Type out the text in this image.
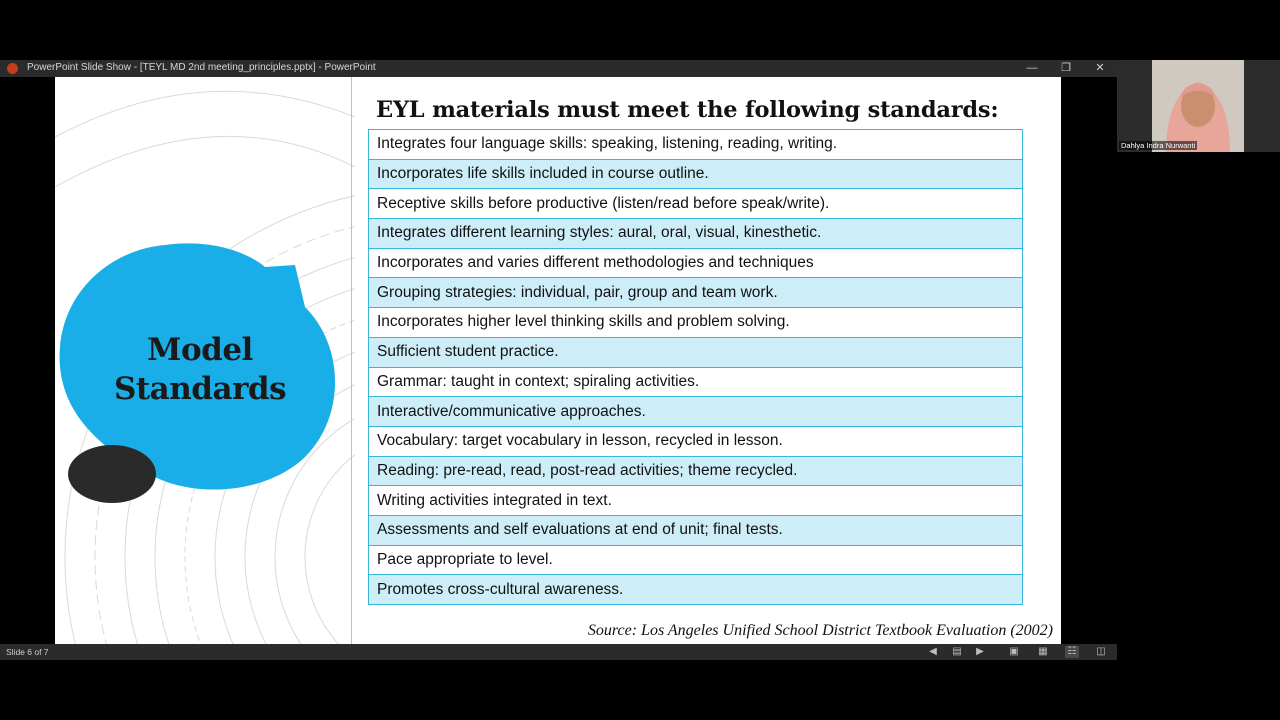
PowerPoint Slide Show - [TEYL MD 2nd meeting_principles.pptx] - PowerPoint	—	❐	✕
Model
Standards
EYL materials must meet the following standards:
Integrates four language skills: speaking, listening, reading, writing.
Incorporates life skills included in course outline.
Receptive skills before productive (listen/read before speak/write).
Integrates different learning styles: aural, oral, visual, kinesthetic.
Incorporates and varies different methodologies and techniques
Grouping strategies: individual, pair, group and team work.
Incorporates higher level thinking skills and problem solving.
Sufficient student practice.
Grammar: taught in context; spiraling activities.
Interactive/communicative approaches.
Vocabulary: target vocabulary in lesson, recycled in lesson.
Reading: pre-read, read, post-read activities; theme recycled.
Writing activities integrated in text.
Assessments and self evaluations at end of unit; final tests.
Pace appropriate to level.
Promotes cross-cultural awareness.
Source: Los Angeles Unified School District Textbook Evaluation (2002)
Dahlya Indra Nurwanti
Slide 6 of 7	◀	▤	▶	▣ ▦ ☷ ◫
